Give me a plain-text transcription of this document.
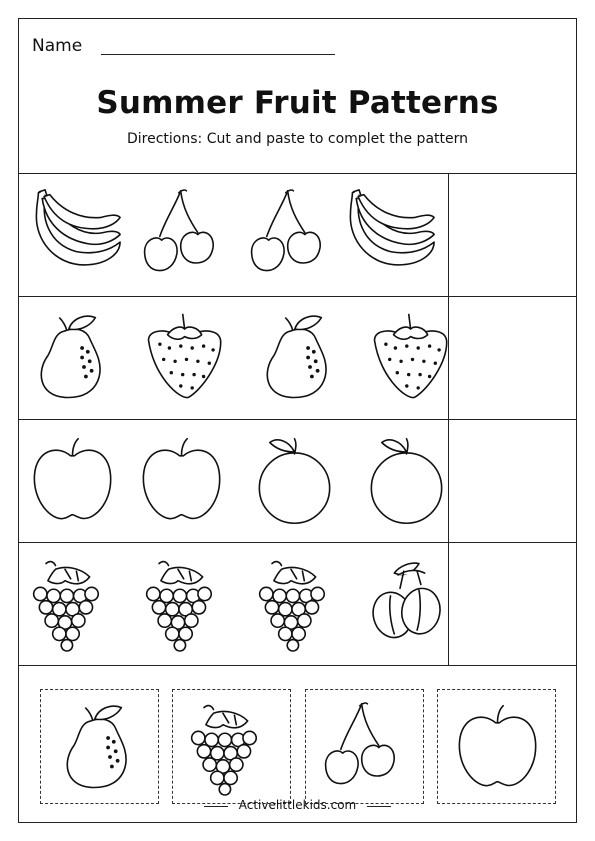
Name
Summer Fruit Patterns
Directions: Cut and paste to complet the pattern
Activelittlekids.com
